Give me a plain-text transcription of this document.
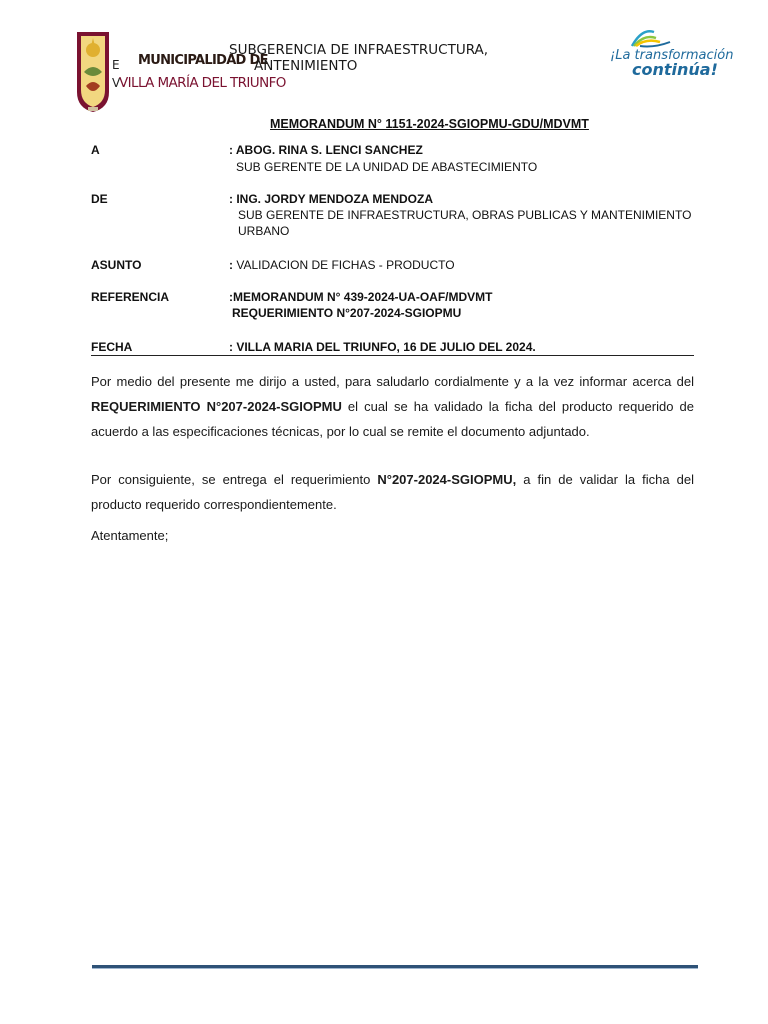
E
V
MUNICIPALIDAD DE
VILLA MARÍA DEL TRIUNFO
SUBGERENCIA DE INFRAESTRUCTURA,
ANTENIMIENTO
¡La transformación
continúa!
MEMORANDUM N° 1151-2024-SGIOPMU-GDU/MDVMT
A	: ABOG. RINA S. LENCI SANCHEZ
SUB GERENTE DE LA UNIDAD DE ABASTECIMIENTO
DE	: ING. JORDY MENDOZA MENDOZA
SUB GERENTE DE INFRAESTRUCTURA, OBRAS PUBLICAS Y MANTENIMIENTO
URBANO
ASUNTO	: VALIDACION DE FICHAS - PRODUCTO
REFERENCIA	:MEMORANDUM N° 439-2024-UA-OAF/MDVMT
REQUERIMIENTO N°207-2024-SGIOPMU
FECHA	: VILLA MARIA DEL TRIUNFO, 16 DE JULIO DEL 2024.

Por medio del presente me dirijo a usted, para saludarlo cordialmente y a la vez informar acerca del REQUERIMIENTO N°207-2024-SGIOPMU el cual se ha validado la ficha del producto requerido de acuerdo a las especificaciones técnicas, por lo cual se remite el documento adjuntado.

Por consiguiente, se entrega el requerimiento N°207-2024-SGIOPMU, a fin de validar la ficha del producto requerido correspondientemente.

Atentamente;
